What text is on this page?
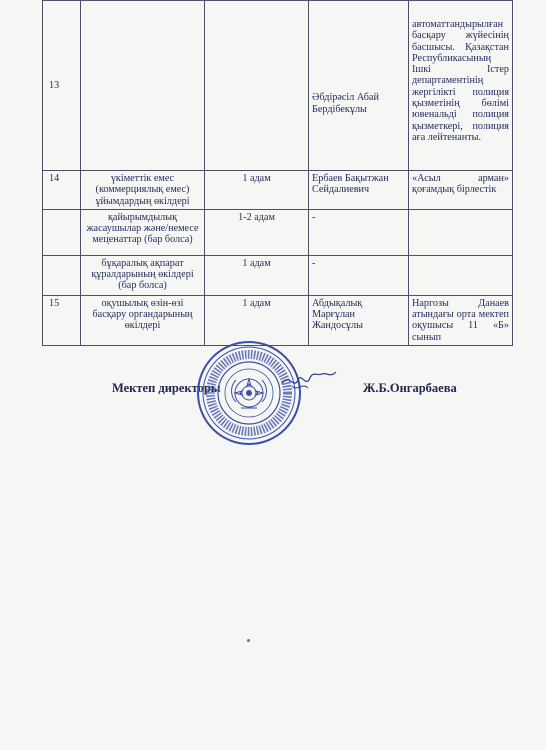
13			Әбдірәсіл Абай Бердібекұлы	автоматтандырылған басқару жүйесінің басшысы. Қазақстан Республикасының Ішкі Істер департаментінің жергілікті полиция қызметінің бөлімі ювенальді полиция қызметкері, полиция аға лейтенанты.
14	үкіметтік емес (коммерциялық емес) ұйымдардың өкілдері	1 адам	Ербаев Бақытжан Сейдалиевич	«Асыл арман» қоғамдық бірлестік
	қайырымдылық жасаушылар және/немесе меценаттар (бар болса)	1-2 адам	-	
	бұқаралық ақпарат құралдарының өкілдері (бар болса)	1 адам	-	
15	оқушылық өзін-өзі басқару органдарының өкілдері	1 адам	Абдықалық Марғұлан Жандосұлы	Наргозы Данаев атындағы орта мектеп оқушысы 11 «Б» сынып
Мектеп директоры	Ж.Б.Онгарбаева
